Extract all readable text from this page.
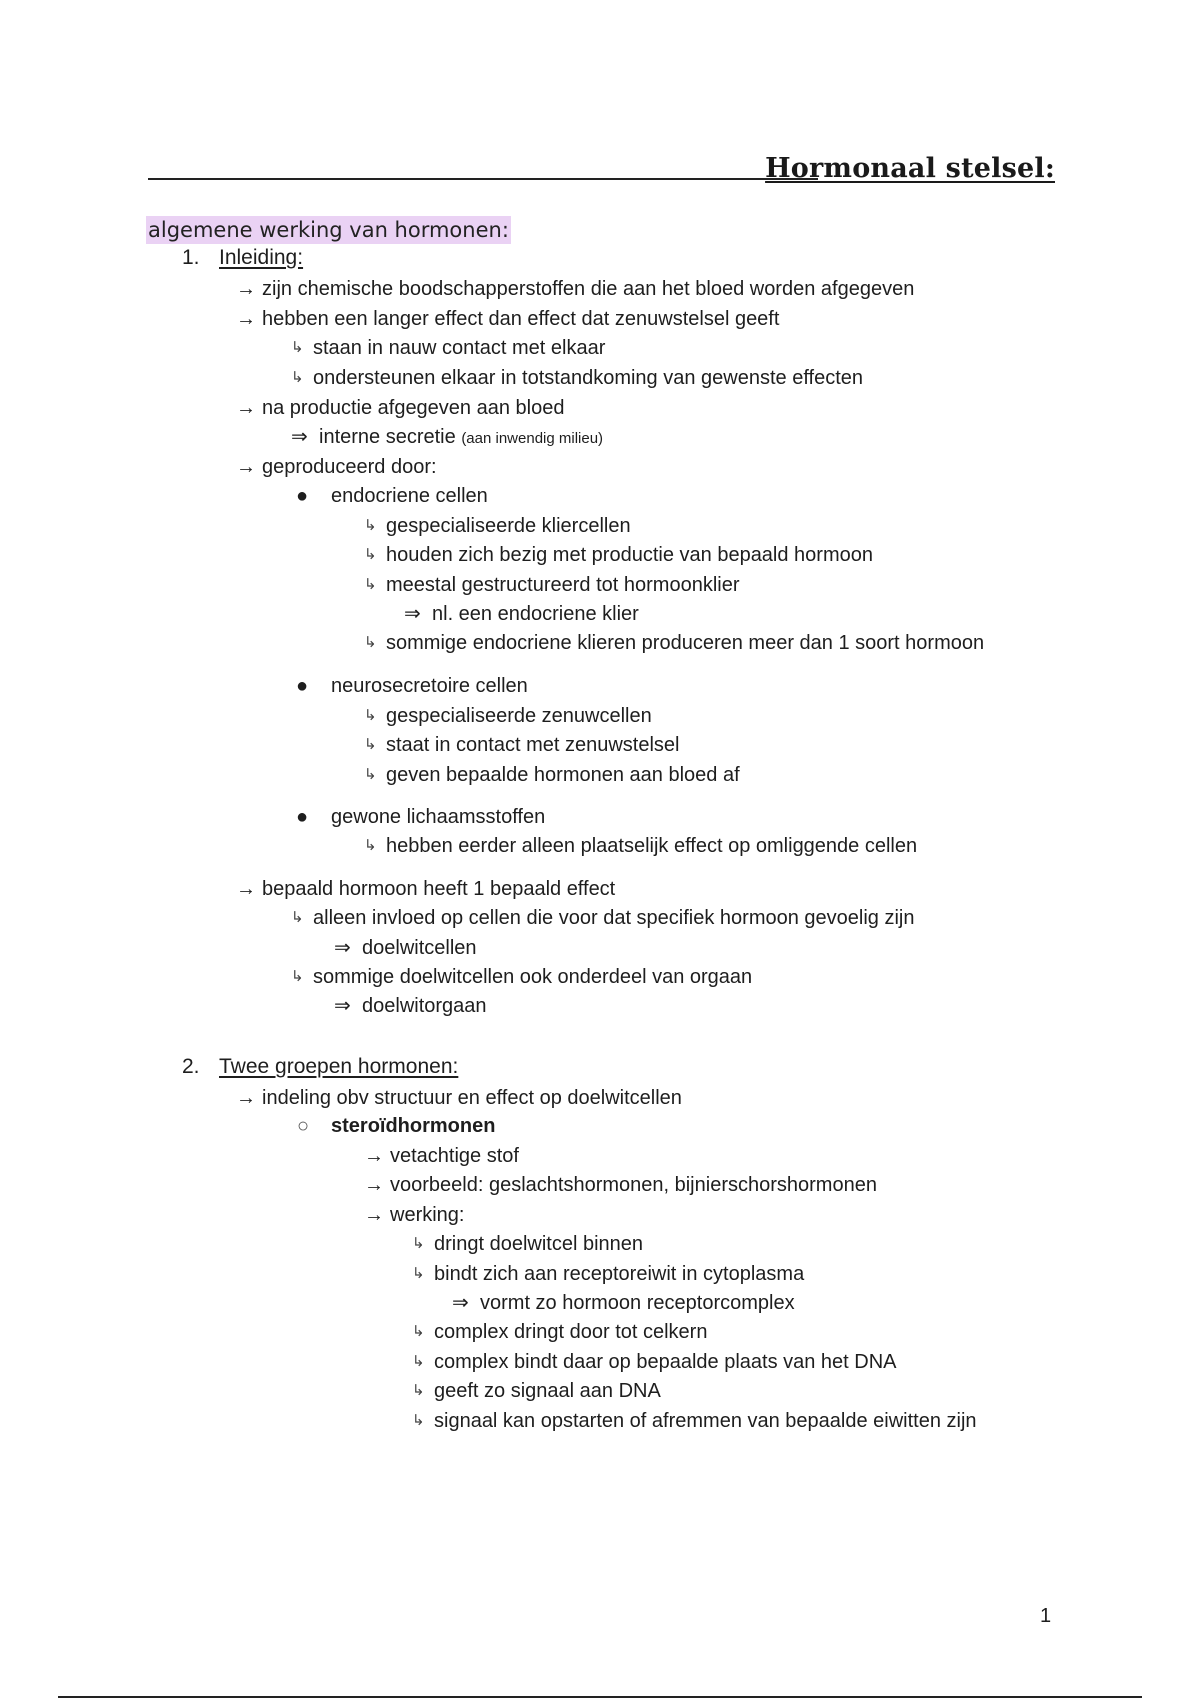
Hormonaal stelsel:
algemene werking van hormonen:
1. Inleiding:
→ zijn chemische boodschapperstoffen die aan het bloed worden afgegeven
→ hebben een langer effect dan effect dat zenuwstelsel geeft
↳ staan in nauw contact met elkaar
↳ ondersteunen elkaar in totstandkoming van gewenste effecten
→ na productie afgegeven aan bloed
⇒ interne secretie (aan inwendig milieu)
→ geproduceerd door:
● endocriene cellen
↳ gespecialiseerde kliercellen
↳ houden zich bezig met productie van bepaald hormoon
↳ meestal gestructureerd tot hormoonklier
⇒ nl. een endocriene klier
↳ sommige endocriene klieren produceren meer dan 1 soort hormoon
● neurosecretoire cellen
↳ gespecialiseerde zenuwcellen
↳ staat in contact met zenuwstelsel
↳ geven bepaalde hormonen aan bloed af
● gewone lichaamsstoffen
↳ hebben eerder alleen plaatselijk effect op omliggende cellen
→ bepaald hormoon heeft 1 bepaald effect
↳ alleen invloed op cellen die voor dat specifiek hormoon gevoelig zijn
⇒ doelwitcellen
↳ sommige doelwitcellen ook onderdeel van orgaan
⇒ doelwitorgaan
2. Twee groepen hormonen:
→ indeling obv structuur en effect op doelwitcellen
○ steroïdhormonen
→ vetachtige stof
→ voorbeeld: geslachtshormonen, bijnierschorshormonen
→ werking:
↳ dringt doelwitcel binnen
↳ bindt zich aan receptoreiwit in cytoplasma
⇒ vormt zo hormoon receptorcomplex
↳ complex dringt door tot celkern
↳ complex bindt daar op bepaalde plaats van het DNA
↳ geeft zo signaal aan DNA
↳ signaal kan opstarten of afremmen van bepaalde eiwitten zijn
1
